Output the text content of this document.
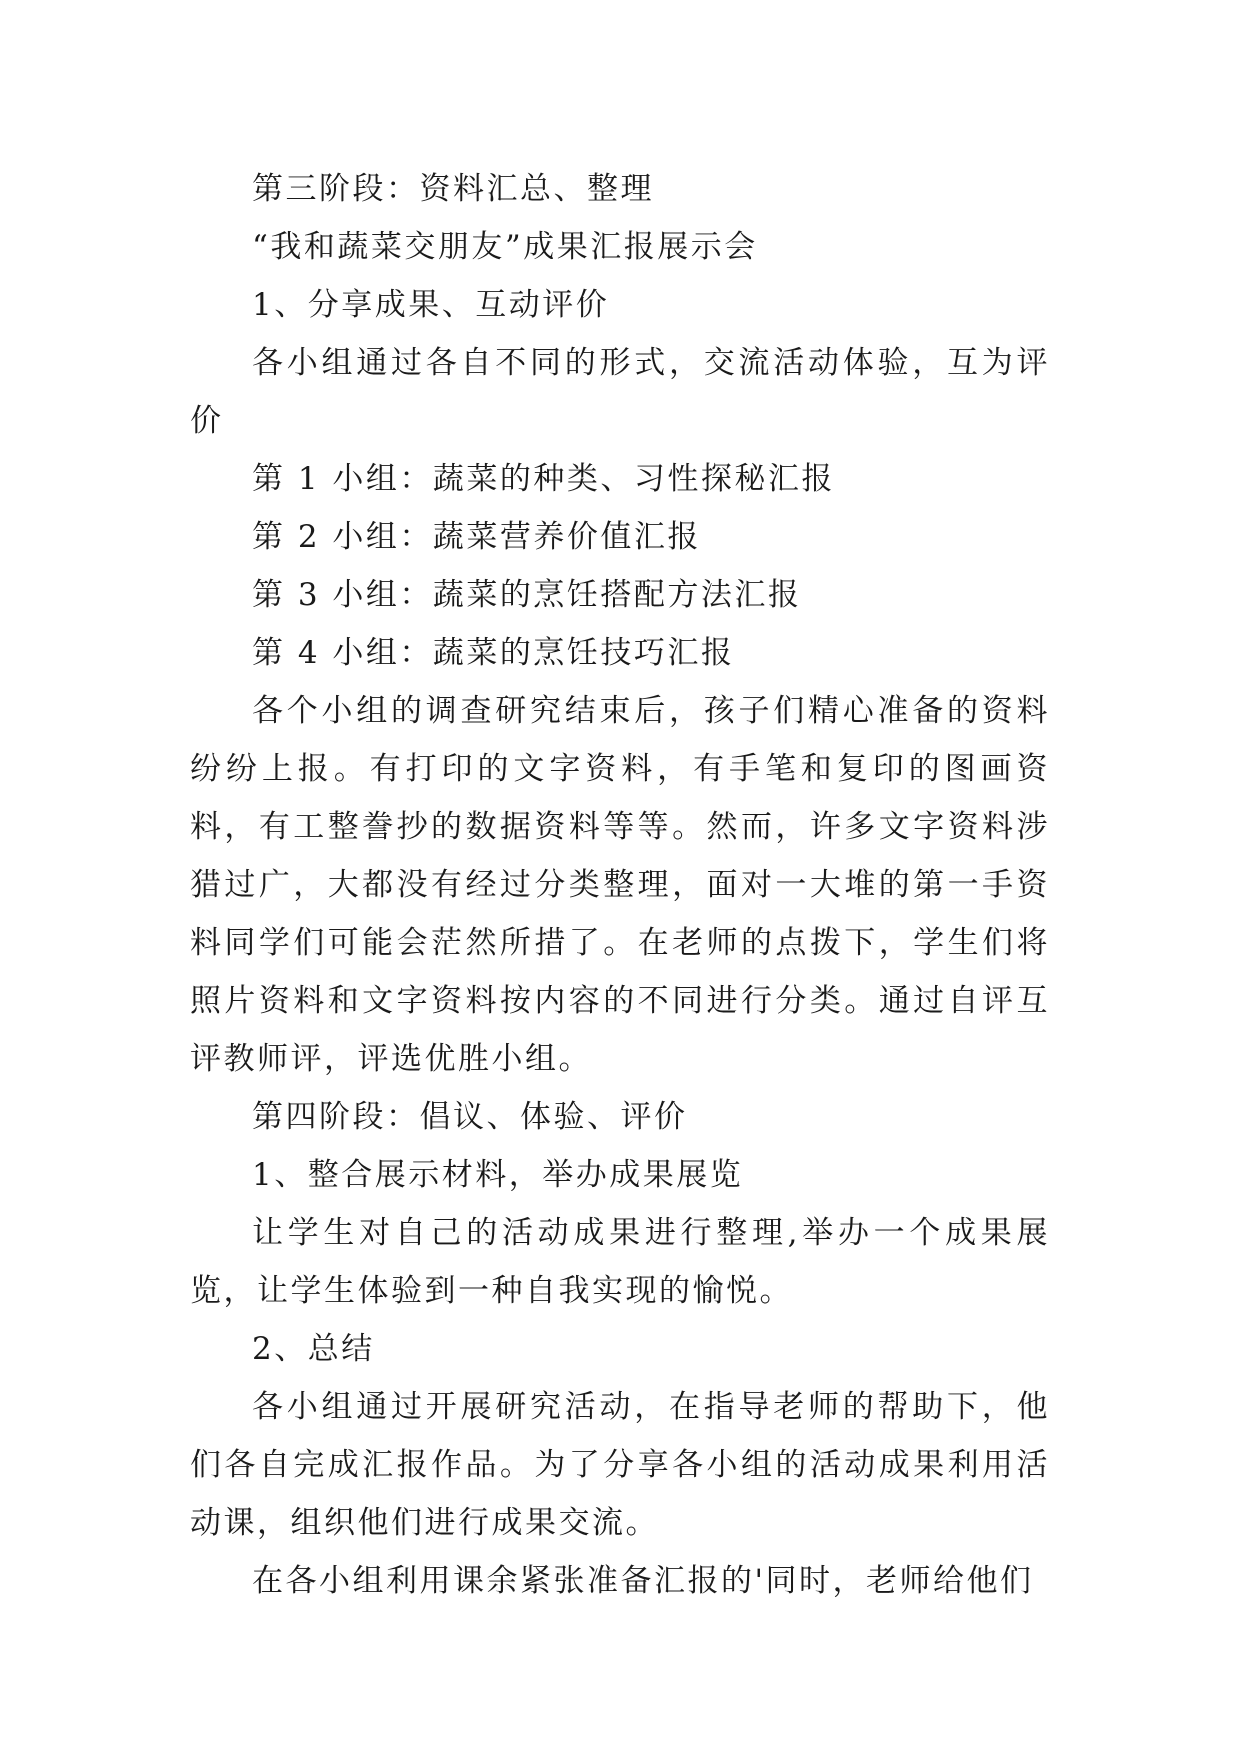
第三阶段：资料汇总、整理

“我和蔬菜交朋友”成果汇报展示会

1、分享成果、互动评价

各小组通过各自不同的形式，交流活动体验，互为评价

第 1 小组：蔬菜的种类、习性探秘汇报

第 2 小组：蔬菜营养价值汇报

第 3 小组：蔬菜的烹饪搭配方法汇报

第 4 小组：蔬菜的烹饪技巧汇报

各个小组的调查研究结束后，孩子们精心准备的资料纷纷上报。有打印的文字资料，有手笔和复印的图画资料，有工整誊抄的数据资料等等。然而，许多文字资料涉猎过广，大都没有经过分类整理，面对一大堆的第一手资料同学们可能会茫然所措了。在老师的点拨下，学生们将照片资料和文字资料按内容的不同进行分类。通过自评互评教师评，评选优胜小组。

第四阶段：倡议、体验、评价

1、整合展示材料，举办成果展览

让学生对自己的活动成果进行整理,举办一个成果展览，让学生体验到一种自我实现的愉悦。

2、总结

各小组通过开展研究活动，在指导老师的帮助下，他们各自完成汇报作品。为了分享各小组的活动成果利用活动课，组织他们进行成果交流。

在各小组利用课余紧张准备汇报的'同时，老师给他们
